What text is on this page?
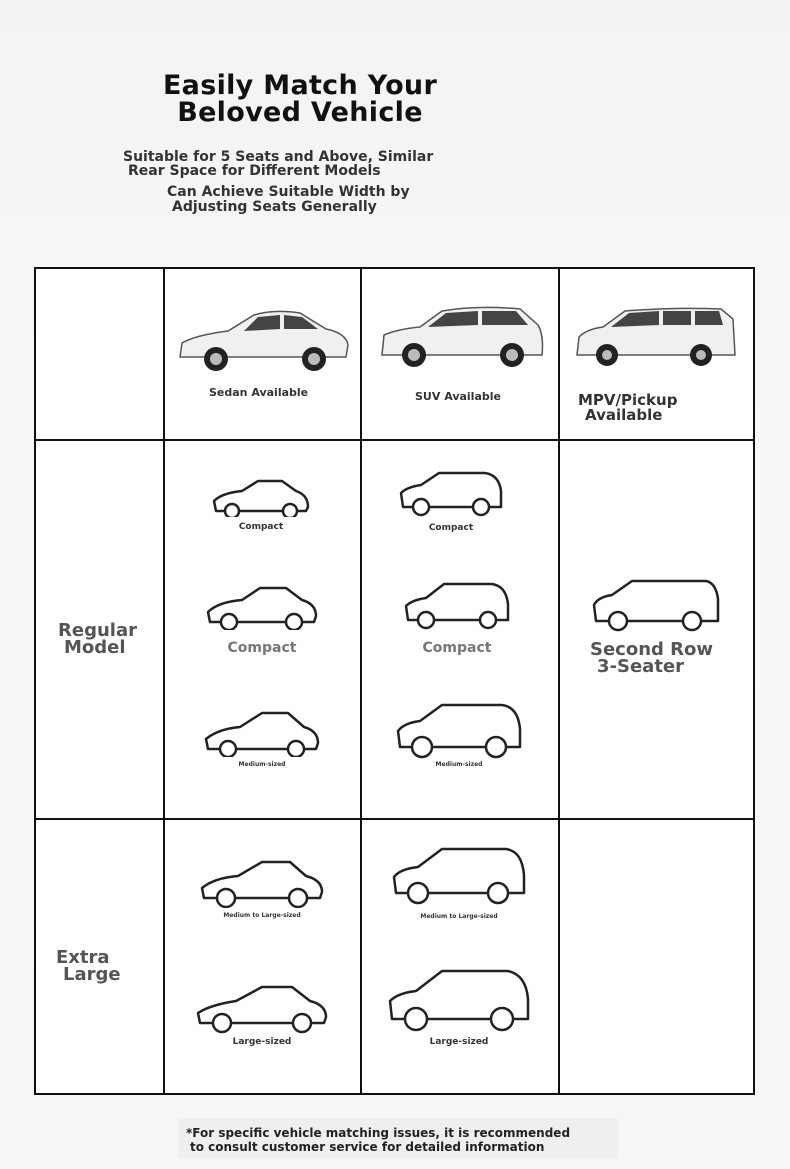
Easily Match Your
Beloved Vehicle
Suitable for 5 Seats and Above, Similar
Rear Space for Different Models
Can Achieve Suitable Width by
Adjusting Seats Generally
Sedan Available	SUV Available	MPV/Pickup
Available
Regular
Model
Extra
Large
Compact
Compact
Medium-sized
Compact
Compact
Medium-sized
Second Row
3-Seater
Medium to Large-sized
Large-sized
Medium to Large-sized
Large-sized
*For specific vehicle matching issues, it is recommended
to consult customer service for detailed information
